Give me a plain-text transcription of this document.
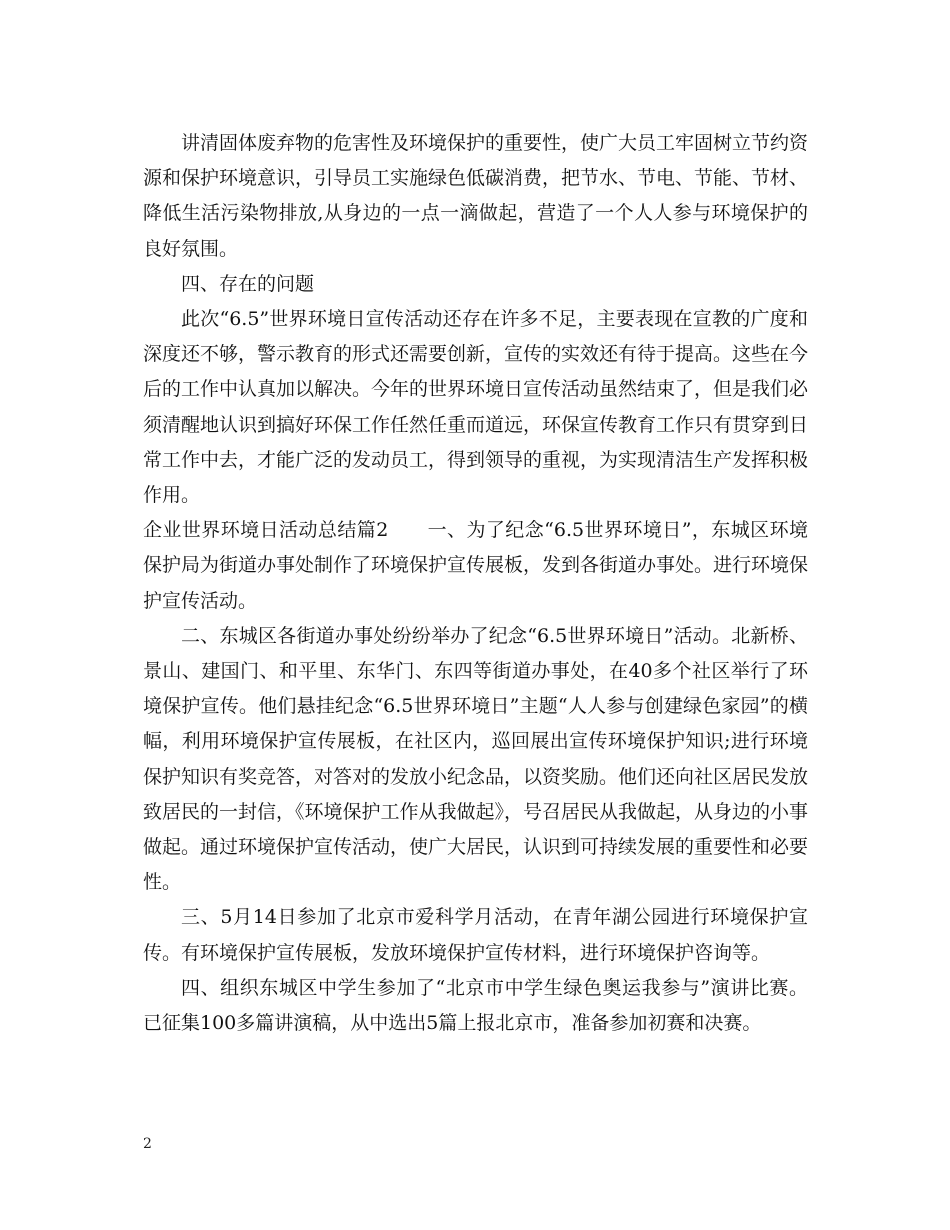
讲清固体废弃物的危害性及环境保护的重要性，使广大员工牢固树立节约资源和保护环境意识，引导员工实施绿色低碳消费，把节水、节电、节能、节材、降低生活污染物排放,从身边的一点一滴做起，营造了一个人人参与环境保护的良好氛围。

四、存在的问题

此次“6.5”世界环境日宣传活动还存在许多不足，主要表现在宣教的广度和深度还不够，警示教育的形式还需要创新，宣传的实效还有待于提高。这些在今后的工作中认真加以解决。今年的世界环境日宣传活动虽然结束了，但是我们必须清醒地认识到搞好环保工作任然任重而道远，环保宣传教育工作只有贯穿到日常工作中去，才能广泛的发动员工，得到领导的重视，为实现清洁生产发挥积极作用。

企业世界环境日活动总结篇2　　一、为了纪念“6.5世界环境日”，东城区环境保护局为街道办事处制作了环境保护宣传展板，发到各街道办事处。进行环境保护宣传活动。

二、东城区各街道办事处纷纷举办了纪念“6.5世界环境日”活动。北新桥、景山、建国门、和平里、东华门、东四等街道办事处，在40多个社区举行了环境保护宣传。他们悬挂纪念“6.5世界环境日”主题“人人参与创建绿色家园”的横幅，利用环境保护宣传展板，在社区内，巡回展出宣传环境保护知识;进行环境保护知识有奖竞答，对答对的发放小纪念品，以资奖励。他们还向社区居民发放致居民的一封信，《环境保护工作从我做起》，号召居民从我做起，从身边的小事做起。通过环境保护宣传活动，使广大居民，认识到可持续发展的重要性和必要性。

三、5月14日参加了北京市爱科学月活动，在青年湖公园进行环境保护宣传。有环境保护宣传展板，发放环境保护宣传材料，进行环境保护咨询等。

四、组织东城区中学生参加了“北京市中学生绿色奥运我参与”演讲比赛。已征集100多篇讲演稿，从中选出5篇上报北京市，准备参加初赛和决赛。

2
